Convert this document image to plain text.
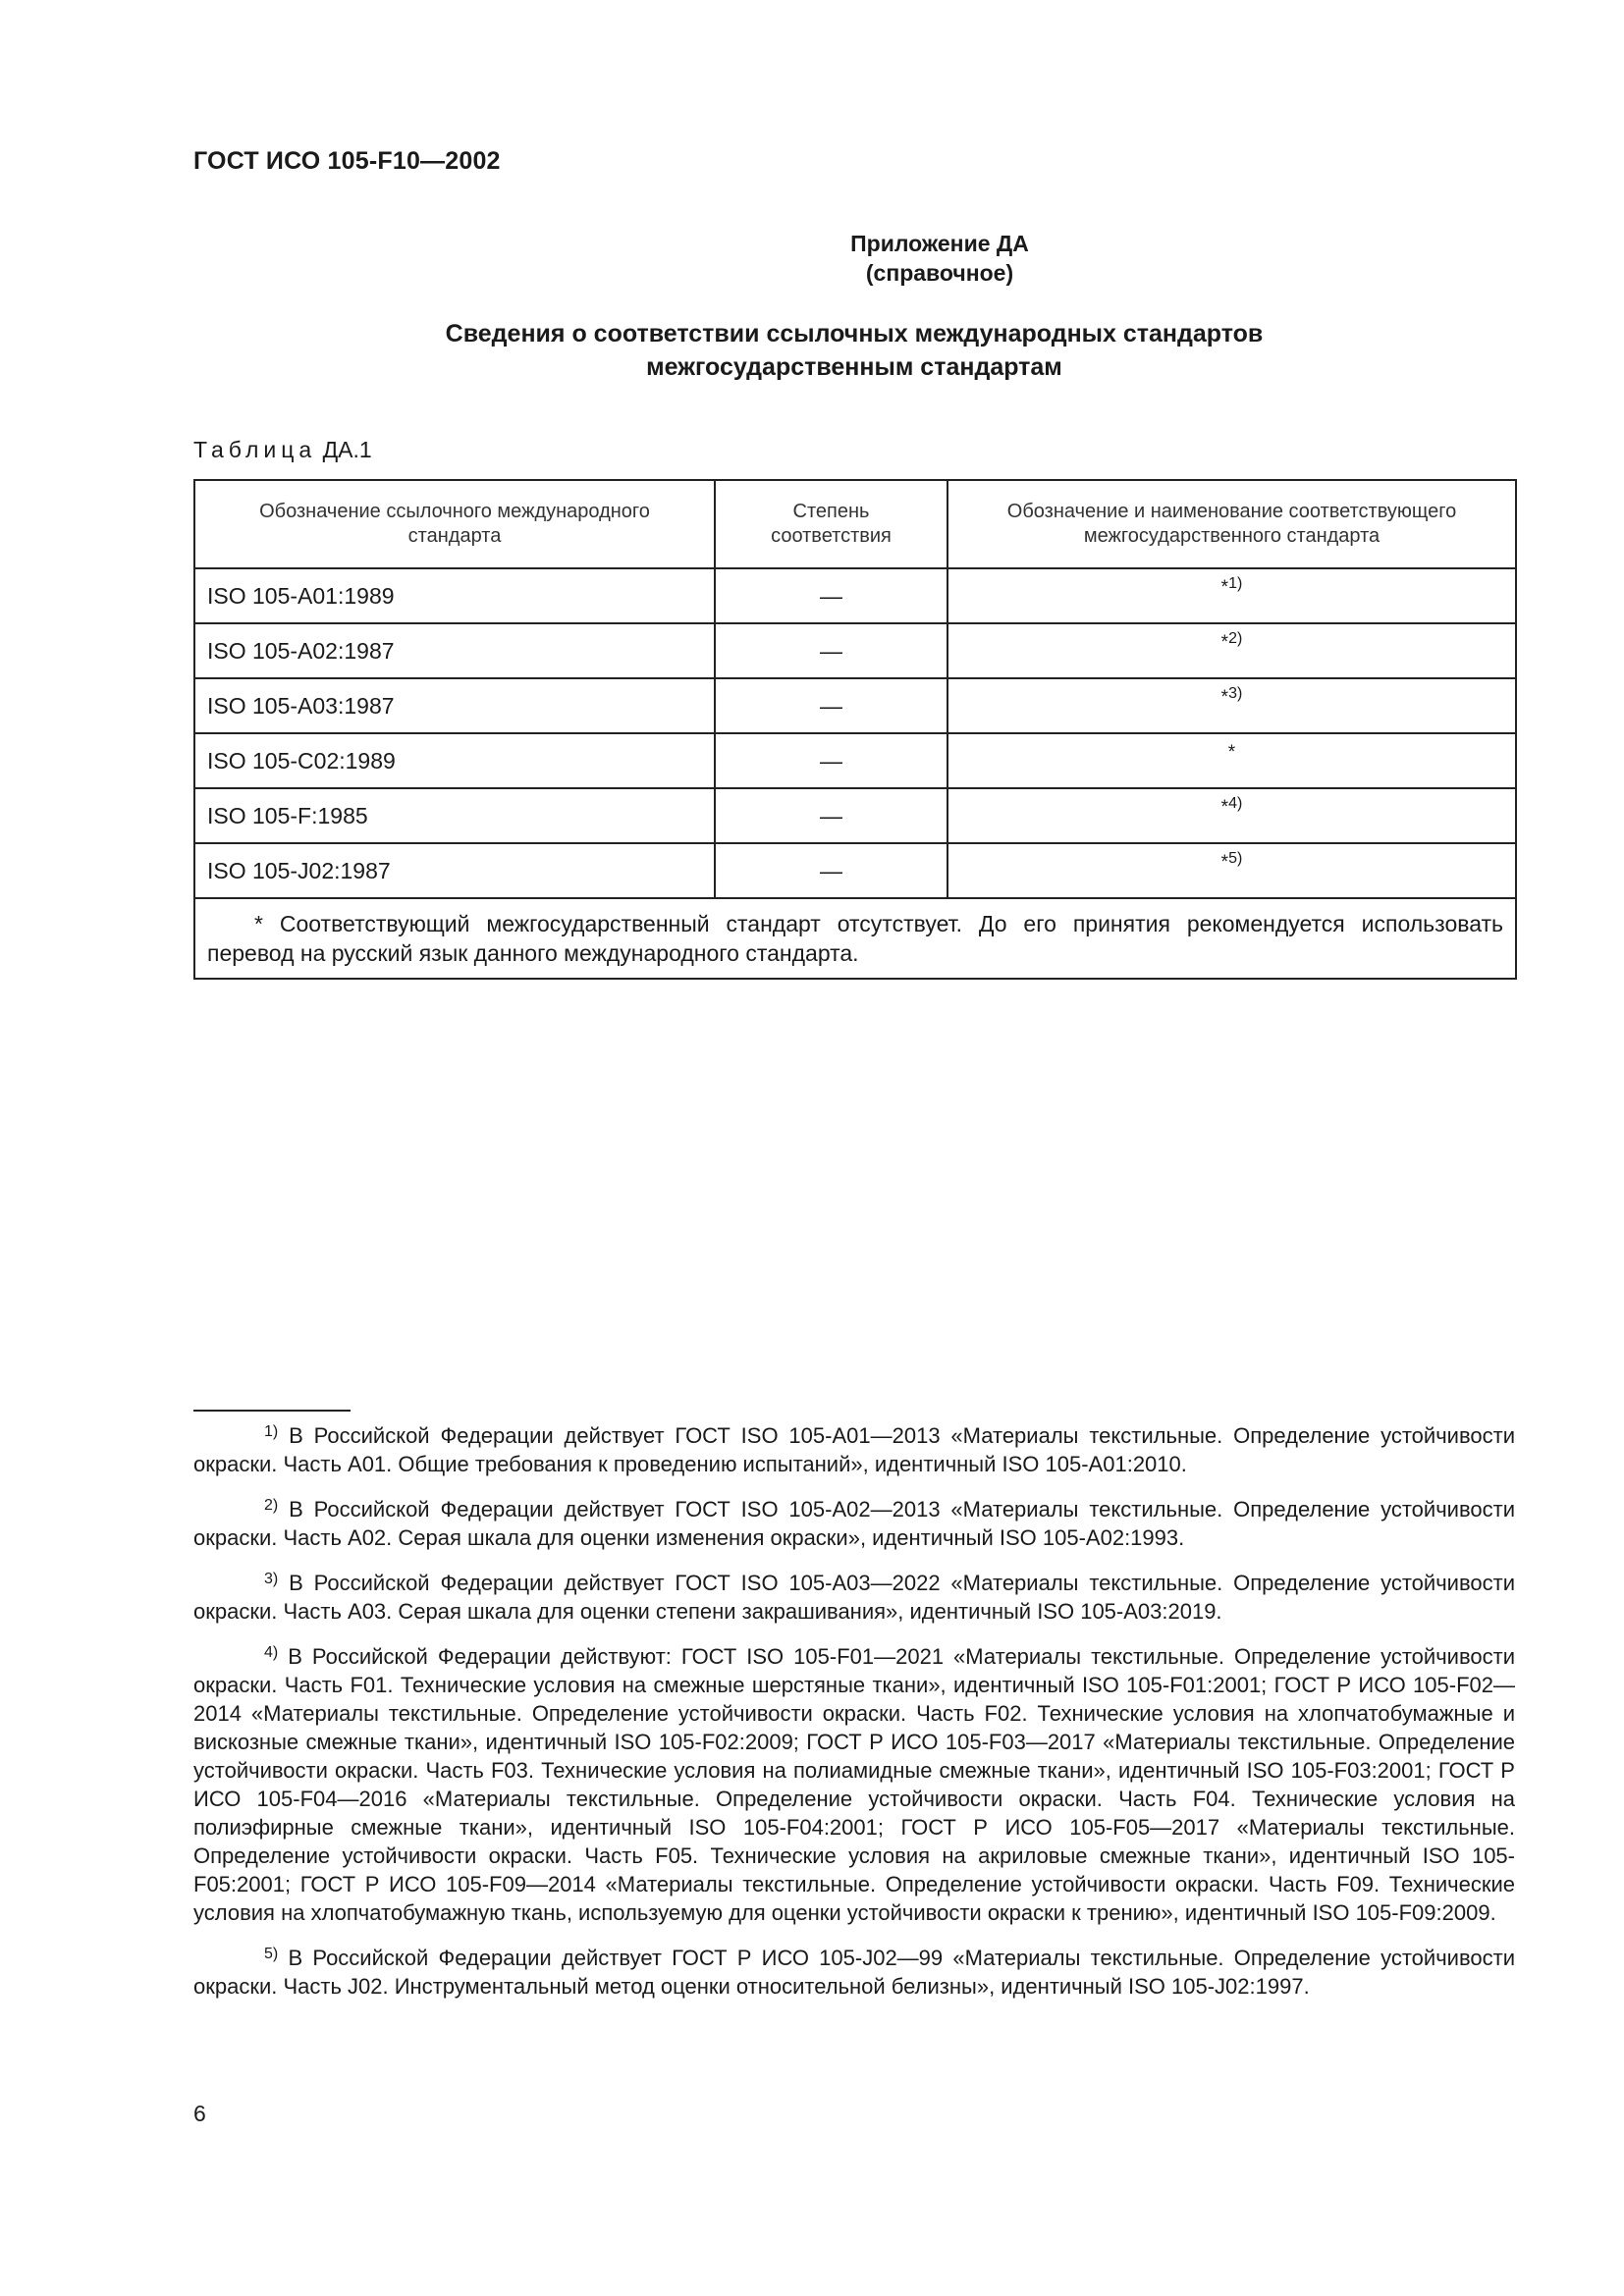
ГОСТ ИСО 105-F10—2002
Приложение ДА
(справочное)
Сведения о соответствии ссылочных международных стандартов
межгосударственным стандартам
Таблица ДА.1
Обозначение ссылочного международного стандарта	Степень соответствия	Обозначение и наименование соответствующего межгосударственного стандарта
ISO 105-A01:1989	—	*$^{1)}$
ISO 105-A02:1987	—	*$^{2)}$
ISO 105-A03:1987	—	*$^{3)}$
ISO 105-C02:1989	—	*
ISO 105-F:1985	—	*$^{4)}$
ISO 105-J02:1987	—	*$^{5)}$
* Соответствующий межгосударственный стандарт отсутствует. До его принятия рекомендуется использовать перевод на русский язык данного международного стандарта.		

$^{1)}$ В Российской Федерации действует ГОСТ ISO 105-A01—2013 «Материалы текстильные. Определение устойчивости окраски. Часть A01. Общие требования к проведению испытаний», идентичный ISO 105-A01:2010.

$^{2)}$ В Российской Федерации действует ГОСТ ISO 105-A02—2013 «Материалы текстильные. Определение устойчивости окраски. Часть A02. Серая шкала для оценки изменения окраски», идентичный ISO 105-A02:1993.

$^{3)}$ В Российской Федерации действует ГОСТ ISO 105-A03—2022 «Материалы текстильные. Определение устойчивости окраски. Часть A03. Серая шкала для оценки степени закрашивания», идентичный ISO 105-A03:2019.

$^{4)}$ В Российской Федерации действуют: ГОСТ ISO 105-F01—2021 «Материалы текстильные. Определение устойчивости окраски. Часть F01. Технические условия на смежные шерстяные ткани», идентичный ISO 105-F01:2001; ГОСТ Р ИСО 105-F02—2014 «Материалы текстильные. Определение устойчивости окраски. Часть F02. Технические условия на хлопчатобумажные и вискозные смежные ткани», идентичный ISO 105-F02:2009; ГОСТ Р ИСО 105-F03—2017 «Материалы текстильные. Определение устойчивости окраски. Часть F03. Технические условия на полиамидные смежные ткани», идентичный ISO 105-F03:2001; ГОСТ Р ИСО 105-F04—2016 «Материалы текстильные. Определение устойчивости окраски. Часть F04. Технические условия на полиэфирные смежные ткани», идентичный ISO 105-F04:2001; ГОСТ Р ИСО 105-F05—2017 «Материалы текстильные. Определение устойчивости окраски. Часть F05. Технические условия на акриловые смежные ткани», идентичный ISO 105-F05:2001; ГОСТ Р ИСО 105-F09—2014 «Материалы текстильные. Определение устойчивости окраски. Часть F09. Технические условия на хлопчатобумажную ткань, используемую для оценки устойчивости окраски к трению», идентичный ISO 105-F09:2009.

$^{5)}$ В Российской Федерации действует ГОСТ Р ИСО 105-J02—99 «Материалы текстильные. Определение устойчивости окраски. Часть J02. Инструментальный метод оценки относительной белизны», идентичный ISO 105-J02:1997.

6
